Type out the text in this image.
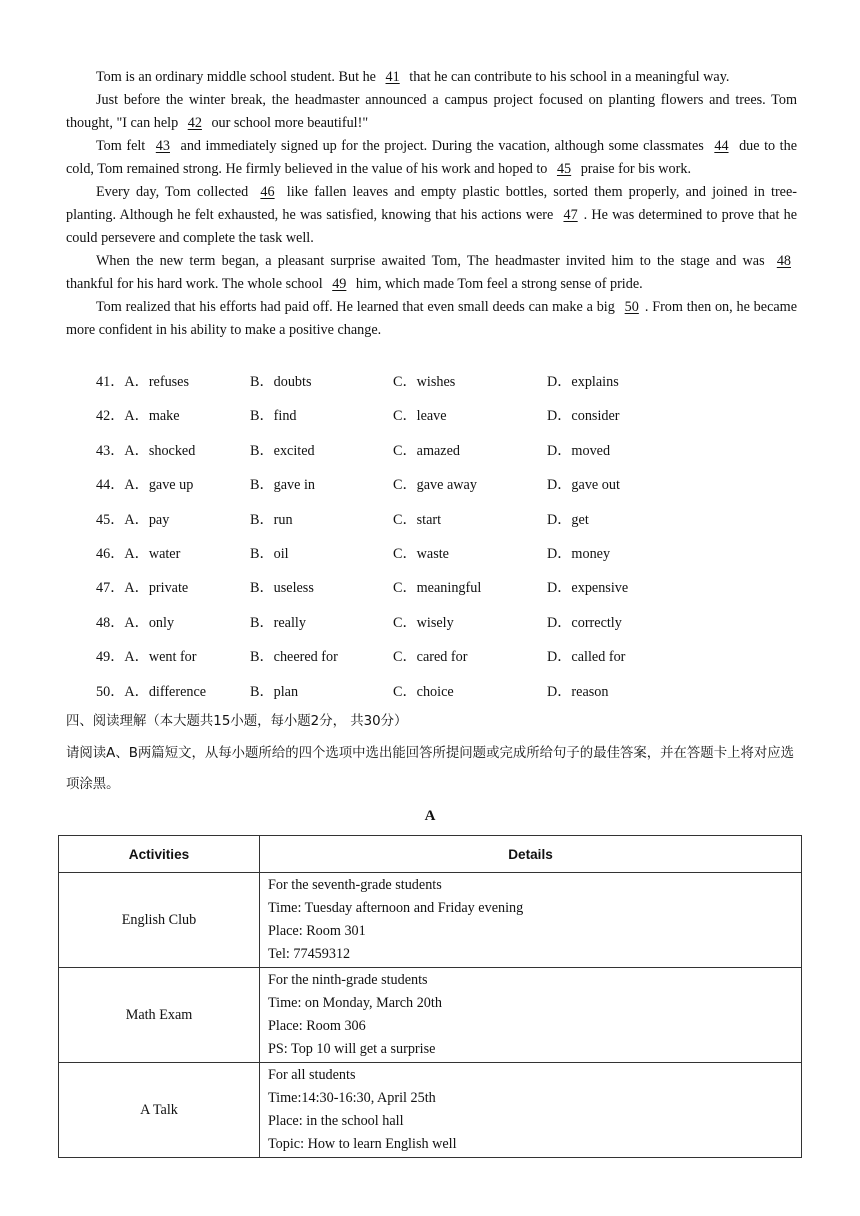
Tom is an ordinary middle school student. But he 41 that he can contribute to his school in a meaningful way.

Just before the winter break, the headmaster announced a campus project focused on planting flowers and trees. Tom thought, "I can help 42 our school more beautiful!"

Tom felt 43 and immediately signed up for the project. During the vacation, although some classmates 44 due to the cold, Tom remained strong. He firmly believed in the value of his work and hoped to 45 praise for bis work.

Every day, Tom collected 46 like fallen leaves and empty plastic bottles, sorted them properly, and joined in tree-planting. Although he felt exhausted, he was satisfied, knowing that his actions were 47 . He was determined to prove that he could persevere and complete the task well.

When the new term began, a pleasant surprise awaited Tom, The headmaster invited him to the stage and was 48 thankful for his hard work. The whole school 49 him, which made Tom feel a strong sense of pride.

Tom realized that his efforts had paid off. He learned that even small deeds can make a big 50 . From then on, he became more confident in his ability to make a positive change.

41．A．refuses	B．doubts	C．wishes	D．explains
42．A．make	B．find	C．leave	D．consider
43．A．shocked	B．excited	C．amazed	D．moved
44．A．gave up	B．gave in	C．gave away	D．gave out
45．A．pay	B．run	C．start	D．get
46．A．water	B．oil	C．waste	D．money
47．A．private	B．useless	C．meaningful	D．expensive
48．A．only	B．really	C．wisely	D．correctly
49．A．went for	B．cheered for	C．cared for	D．called for
50．A．difference	B．plan	C．choice	D．reason
四、阅读理解（本大题共15小题，每小题2分， 共30分）
请阅读A、B两篇短文，从每小题所给的四个选项中选出能回答所提问题或完成所给句子的最佳答案，并在答题卡上将对应选项涂黑。
A
Activities	Details
English Club	For the seventh-grade students
Time: Tuesday afternoon and Friday evening
Place: Room 301
Tel: 77459312

Math Exam	For the ninth-grade students
Time: on Monday, March 20th
Place: Room 306
PS: Top 10 will get a surprise

A Talk	For all students
Time:14:30-16:30, April 25th
Place: in the school hall
Topic: How to learn English well
